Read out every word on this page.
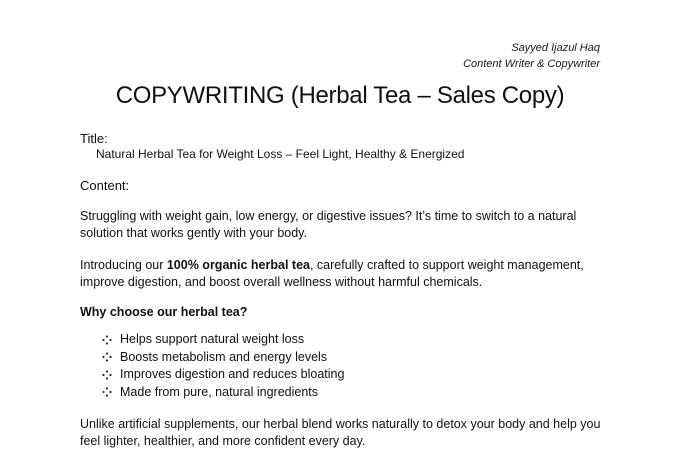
Sayyed Ijazul Haq
Content Writer & Copywriter
COPYWRITING (Herbal Tea – Sales Copy)
Title:
Natural Herbal Tea for Weight Loss – Feel Light, Healthy & Energized
Content:

Struggling with weight gain, low energy, or digestive issues? It’s time to switch to a natural solution that works gently with your body.

Introducing our 100% organic herbal tea, carefully crafted to support weight management, improve digestion, and boost overall wellness without harmful chemicals.

Why choose our herbal tea?
Helps support natural weight loss
Boosts metabolism and energy levels
Improves digestion and reduces bloating
Made from pure, natural ingredients

Unlike artificial supplements, our herbal blend works naturally to detox your body and help you feel lighter, healthier, and more confident every day.
